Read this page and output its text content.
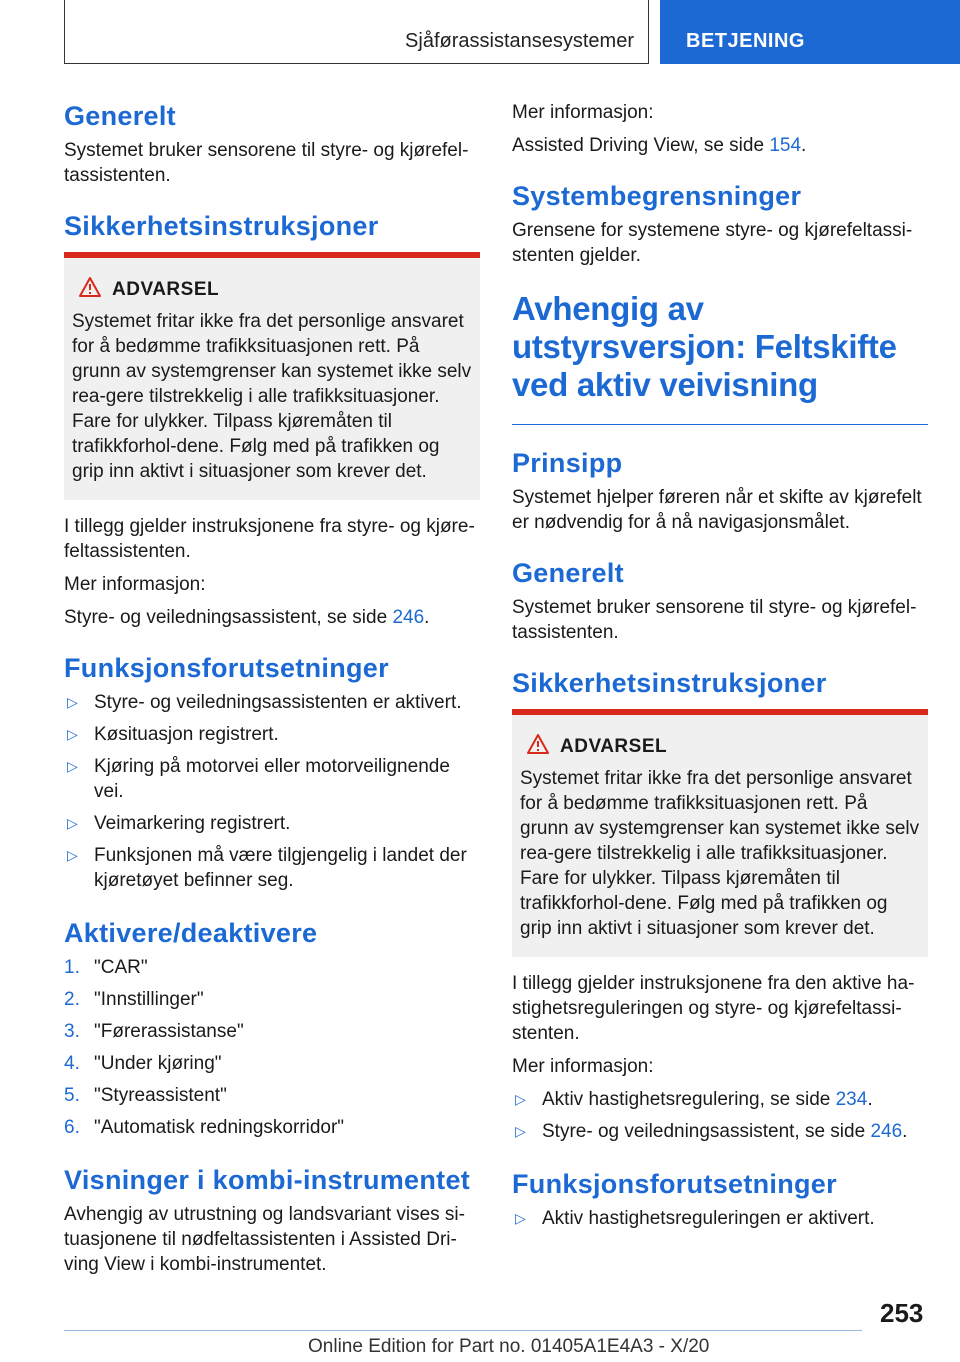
Sjåførassistansesystemer	BETJENING
Generelt

Systemet bruker sensorene til styre- og kjørefel-tassistenten.

Sikkerhetsinstruksjoner
ADVARSEL

Systemet fritar ikke fra det personlige ansvaret for å bedømme trafikksituasjonen rett. På grunn av systemgrenser kan systemet ikke selv rea-gere tilstrekkelig i alle trafikksituasjoner. Fare for ulykker. Tilpass kjøremåten til trafikkforhol-dene. Følg med på trafikken og grip inn aktivt i situasjoner som krever det.

I tillegg gjelder instruksjonene fra styre- og kjøre-feltassistenten.

Mer informasjon:

Styre- og veiledningsassistent, se side 246.

Funksjonsforutsetninger
▷ Styre- og veiledningsassistenten er aktivert.
▷ Køsituasjon registrert.
▷ Kjøring på motorvei eller motorveilignende vei.
▷ Veimarkering registrert.
▷ Funksjonen må være tilgjengelig i landet der kjøretøyet befinner seg.
Aktivere/deaktivere
1. "CAR"
2. "Innstillinger"
3. "Førerassistanse"
4. "Under kjøring"
5. "Styreassistent"
6. "Automatisk redningskorridor"
Visninger i kombi-instrumentet

Avhengig av utrustning og landsvariant vises si-tuasjonene til nødfeltassistenten i Assisted Dri-ving View i kombi-instrumentet.

Mer informasjon:

Assisted Driving View, se side 154.

Systembegrensninger

Grensene for systemene styre- og kjørefeltassi-stenten gjelder.

Avhengig av utstyrsversjon: Feltskifte ved aktiv veivisning
Prinsipp

Systemet hjelper føreren når et skifte av kjørefelt er nødvendig for å nå navigasjonsmålet.

Generelt

Systemet bruker sensorene til styre- og kjørefel-tassistenten.

Sikkerhetsinstruksjoner
ADVARSEL

Systemet fritar ikke fra det personlige ansvaret for å bedømme trafikksituasjonen rett. På grunn av systemgrenser kan systemet ikke selv rea-gere tilstrekkelig i alle trafikksituasjoner. Fare for ulykker. Tilpass kjøremåten til trafikkforhol-dene. Følg med på trafikken og grip inn aktivt i situasjoner som krever det.

I tillegg gjelder instruksjonene fra den aktive ha-stighetsreguleringen og styre- og kjørefeltassi-stenten.

Mer informasjon:

▷ Aktiv hastighetsregulering, se side 234.
▷ Styre- og veiledningsassistent, se side 246.
Funksjonsforutsetninger
▷ Aktiv hastighetsreguleringen er aktivert.
253
Online Edition for Part no. 01405A1E4A3 - X/20
